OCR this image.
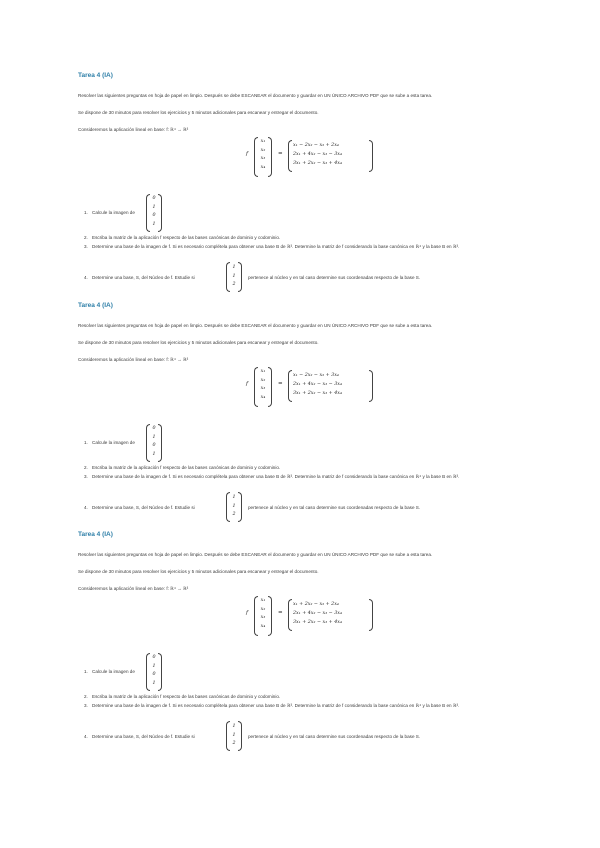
Tarea 4 (IA)
Resolver las siguientes preguntas en hoja de papel en limpio. Después se debe ESCANEAR el documento y guardar en UN ÚNICO ARCHIVO PDF que se sube a esta tarea.
Se dispone de 30 minutos para resolver los ejercicios y 5 minutos adicionales para escanear y entregar el documento.
Consideremos la aplicación lineal en base: f: ℝ⁴ → ℝ³
f
x₁
x₂
x₃
x₄
=
x₁ − 2x₂ − x₃ + 2x₄
2x₁ + 4x₂ − x₃ − 3x₄
3x₁ + 2x₂ − x₃ + 4x₄
1. Calcule la imagen de
0
1
0
1
2. Escriba la matriz de la aplicación f respecto de las bases canónicas de dominio y codominio.
3. Determine una base de la imagen de f. Si es necesario complétela para obtener una base B de ℝ³. Determine la matriz de f considerando la base canónica en ℝ⁴ y la base B en ℝ³.
4. Determine una base, S, del Núcleo de f. Estudie si
1
1
2
pertenece al núcleo y en tal caso determine sus coordenadas respecto de la base S.
Tarea 4 (IA)
Resolver las siguientes preguntas en hoja de papel en limpio. Después se debe ESCANEAR el documento y guardar en UN ÚNICO ARCHIVO PDF que se sube a esta tarea.
Se dispone de 30 minutos para resolver los ejercicios y 5 minutos adicionales para escanear y entregar el documento.
Consideremos la aplicación lineal en base: f: ℝ⁴ → ℝ³
f
x₁
x₂
x₃
x₄
=
x₁ − 2x₂ − x₃ + 3x₄
2x₁ + 4x₂ − x₃ − 3x₄
3x₁ + 2x₂ − x₃ + 4x₄
1. Calcule la imagen de
0
1
0
1
2. Escriba la matriz de la aplicación f respecto de las bases canónicas de dominio y codominio.
3. Determine una base de la imagen de f. Si es necesario complétela para obtener una base B de ℝ³. Determine la matriz de f considerando la base canónica en ℝ⁴ y la base B en ℝ³.
4. Determine una base, S, del Núcleo de f. Estudie si
1
1
2
pertenece al núcleo y en tal caso determine sus coordenadas respecto de la base S.
Tarea 4 (IA)
Resolver las siguientes preguntas en hoja de papel en limpio. Después se debe ESCANEAR el documento y guardar en UN ÚNICO ARCHIVO PDF que se sube a esta tarea.
Se dispone de 30 minutos para resolver los ejercicios y 5 minutos adicionales para escanear y entregar el documento.
Consideremos la aplicación lineal en base: f: ℝ⁴ → ℝ³
f
x₁
x₂
x₃
x₄
=
x₁ + 2x₂ − x₃ + 2x₄
2x₁ + 4x₂ − x₃ − 3x₄
3x₁ + 2x₂ − x₃ + 4x₄
1. Calcule la imagen de
0
1
0
1
2. Escriba la matriz de la aplicación f respecto de las bases canónicas de dominio y codominio.
3. Determine una base de la imagen de f. Si es necesario complétela para obtener una base B de ℝ³. Determine la matriz de f considerando la base canónica en ℝ⁴ y la base B en ℝ³.
4. Determine una base, S, del Núcleo de f. Estudie si
1
1
2
pertenece al núcleo y en tal caso determine sus coordenadas respecto de la base S.
